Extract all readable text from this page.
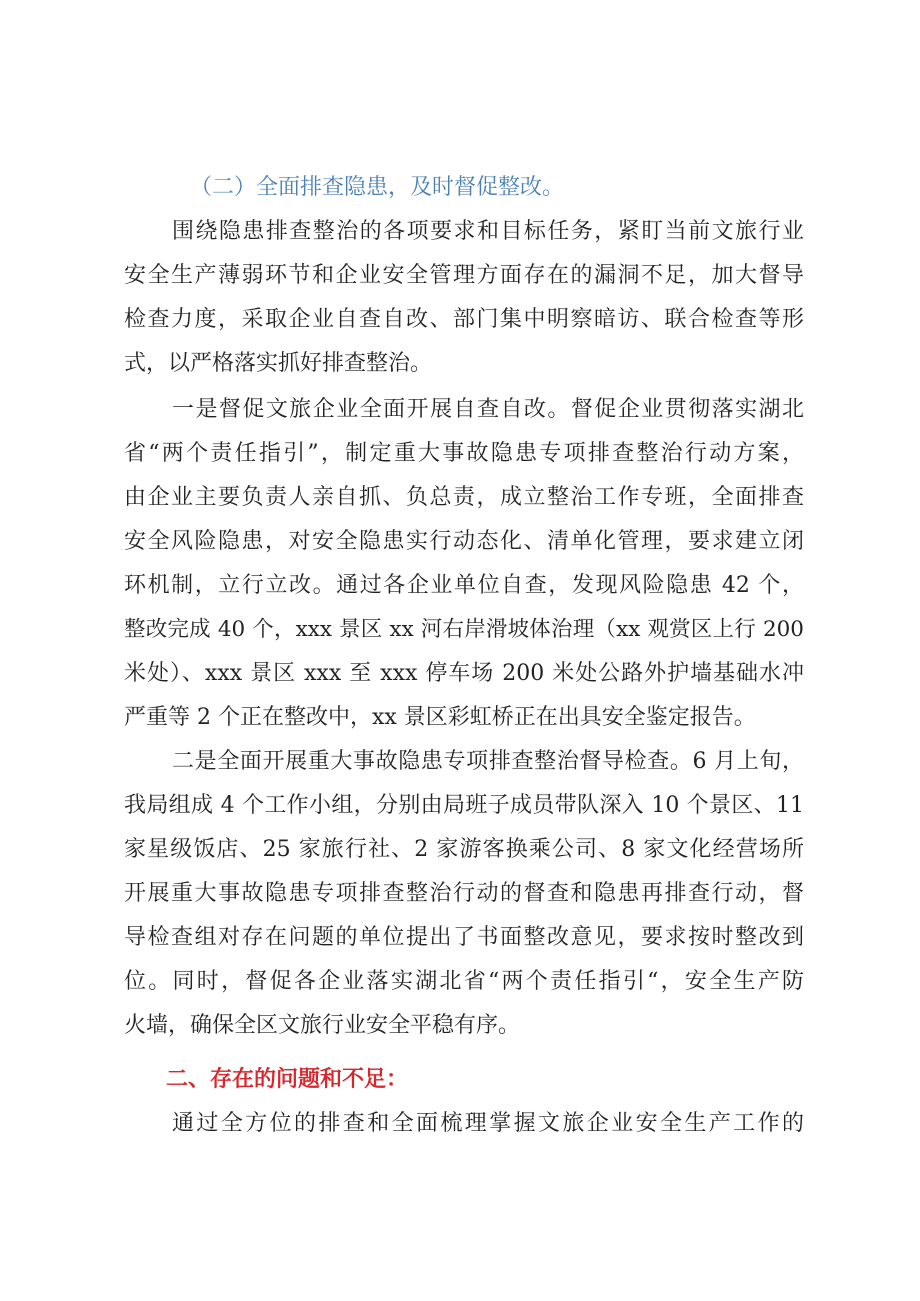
（二）全面排查隐患，及时督促整改。
围绕隐患排查整治的各项要求和目标任务，紧盯当前文旅行业
安全生产薄弱环节和企业安全管理方面存在的漏洞不足，加大督导
检查力度，采取企业自查自改、部门集中明察暗访、联合检查等形
式，以严格落实抓好排查整治。
一是督促文旅企业全面开展自查自改。督促企业贯彻落实湖北
省“两个责任指引”，制定重大事故隐患专项排查整治行动方案，
由企业主要负责人亲自抓、负总责，成立整治工作专班，全面排查
安全风险隐患，对安全隐患实行动态化、清单化管理，要求建立闭
环机制，立行立改。通过各企业单位自查，发现风险隐患 42 个，
整改完成 40 个，xxx 景区 xx 河右岸滑坡体治理（xx 观赏区上行 200
米处）、xxx 景区 xxx 至 xxx 停车场 200 米处公路外护墙基础水冲
严重等 2 个正在整改中，xx 景区彩虹桥正在出具安全鉴定报告。
二是全面开展重大事故隐患专项排查整治督导检查。6 月上旬，
我局组成 4 个工作小组，分别由局班子成员带队深入 10 个景区、11
家星级饭店、25 家旅行社、2 家游客换乘公司、8 家文化经营场所
开展重大事故隐患专项排查整治行动的督查和隐患再排查行动，督
导检查组对存在问题的单位提出了书面整改意见，要求按时整改到
位。同时，督促各企业落实湖北省“两个责任指引“，安全生产防
火墙，确保全区文旅行业安全平稳有序。
二、存在的问题和不足：
通过全方位的排查和全面梳理掌握文旅企业安全生产工作的
